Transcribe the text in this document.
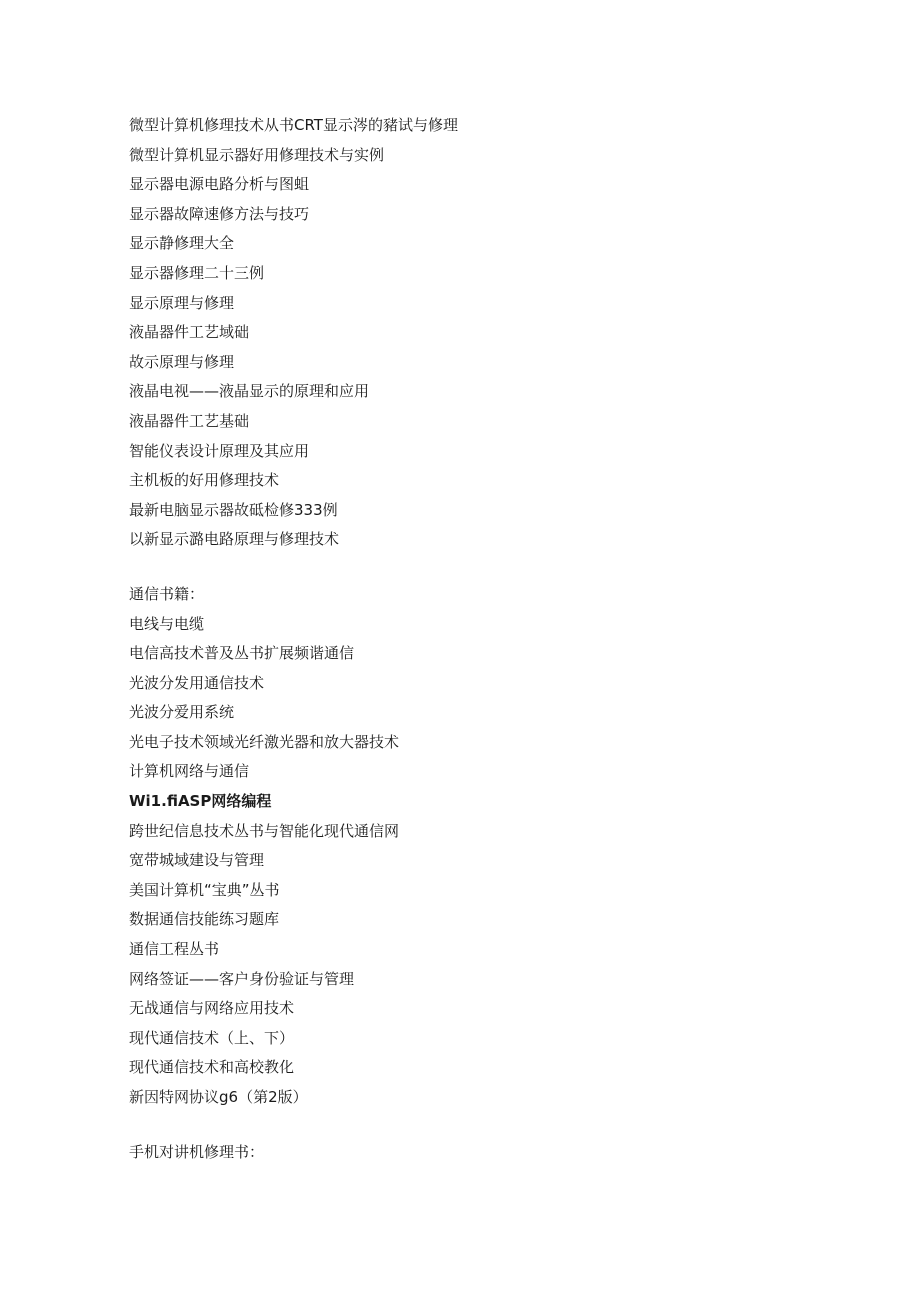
微型计算机修理技术从书CRT显示涔的豬试与修理
微型计算机显示器好用修理技术与实例
显示器电源电路分析与图蛆
显示器故障速修方法与技巧
显示静修理大全
显示器修理二十三例
显示原理与修理
液晶器件工艺域础
故示原理与修理
液晶电视——液晶显示的原理和应用
液晶器件工艺基础
智能仪表设计原理及其应用
主机板的好用修理技术
最新电脑显示器故砥检修333例
以新显示潞电路原理与修理技术
通信书籍：
电线与电缆
电信高技术普及丛书扩展频谐通信
光波分发用通信技术
光波分爱用系统
光电子技术领域光纤激光器和放大器技术
计算机网络与通信
Wi1.fiASP网络编程
跨世纪信息技术丛书与智能化现代通信网
宽带城域建设与管理
美国计算机“宝典”丛书
数据通信技能练习题库
通信工程丛书
网络签证——客户身份验证与管理
无战通信与网络应用技术
现代通信技术（上、下）
现代通信技术和高校教化
新因特网协议g6（第2版）
手机对讲机修理书：
